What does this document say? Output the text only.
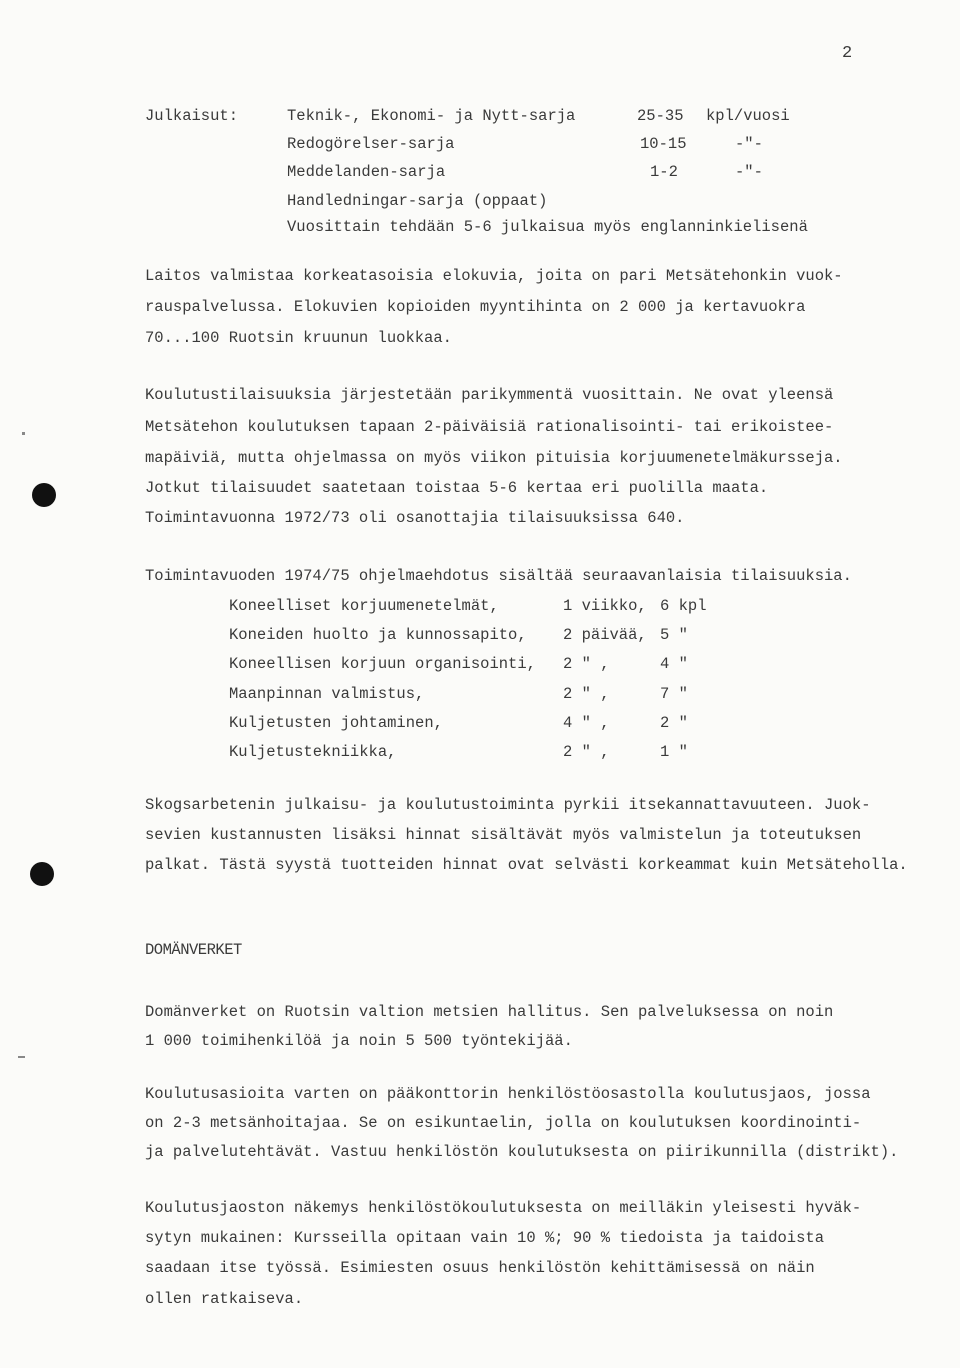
2
Julkaisut:	Teknik-, Ekonomi- ja Nytt-sarja	25-35 kpl/vuosi
Redogörelser-sarja	10-15	-"-
Meddelanden-sarja	1-2	-"-
Handledningar-sarja (oppaat)
Vuosittain tehdään 5-6 julkaisua myös englanninkielisenä
Laitos valmistaa korkeatasoisia elokuvia, joita on pari Metsätehonkin vuok-
rauspalvelussa. Elokuvien kopioiden myyntihinta on 2 000 ja kertavuokra
70...100 Ruotsin kruunun luokkaa.
Koulutustilaisuuksia järjestetään parikymmentä vuosittain. Ne ovat yleensä
Metsätehon koulutuksen tapaan 2-päiväisiä rationalisointi- tai erikoistee-
mapäiviä, mutta ohjelmassa on myös viikon pituisia korjuumenetelmäkursseja.
Jotkut tilaisuudet saatetaan toistaa 5-6 kertaa eri puolilla maata.
Toimintavuonna 1972/73 oli osanottajia tilaisuuksissa 640.
Toimintavuoden 1974/75 ohjelmaehdotus sisältää seuraavanlaisia tilaisuuksia.
Koneelliset korjuumenetelmät,	1 viikko, 6 kpl
Koneiden huolto ja kunnossapito, 2 päivää, 5 "
Koneellisen korjuun organisointi, 2 " ,	4 "
Maanpinnan valmistus,	2 " ,	7 "
Kuljetusten johtaminen,	4 " ,	2 "
Kuljetustekniikka,	2 " ,	1 "
Skogsarbetenin julkaisu- ja koulutustoiminta pyrkii itsekannattavuuteen. Juok-
sevien kustannusten lisäksi hinnat sisältävät myös valmistelun ja toteutuksen
palkat. Tästä syystä tuotteiden hinnat ovat selvästi korkeammat kuin Metsäteholla.
DOMÄNVERKET
Domänverket on Ruotsin valtion metsien hallitus. Sen palveluksessa on noin
1 000 toimihenkilöä ja noin 5 500 työntekijää.
Koulutusasioita varten on pääkonttorin henkilöstöosastolla koulutusjaos, jossa
on 2-3 metsänhoitajaa. Se on esikuntaelin, jolla on koulutuksen koordinointi-
ja palvelutehtävät. Vastuu henkilöstön koulutuksesta on piirikunnilla (distrikt).
Koulutusjaoston näkemys henkilöstökoulutuksesta on meilläkin yleisesti hyväk-
sytyn mukainen: Kursseilla opitaan vain 10 %; 90 % tiedoista ja taidoista
saadaan itse työssä. Esimiesten osuus henkilöstön kehittämisessä on näin
ollen ratkaiseva.
